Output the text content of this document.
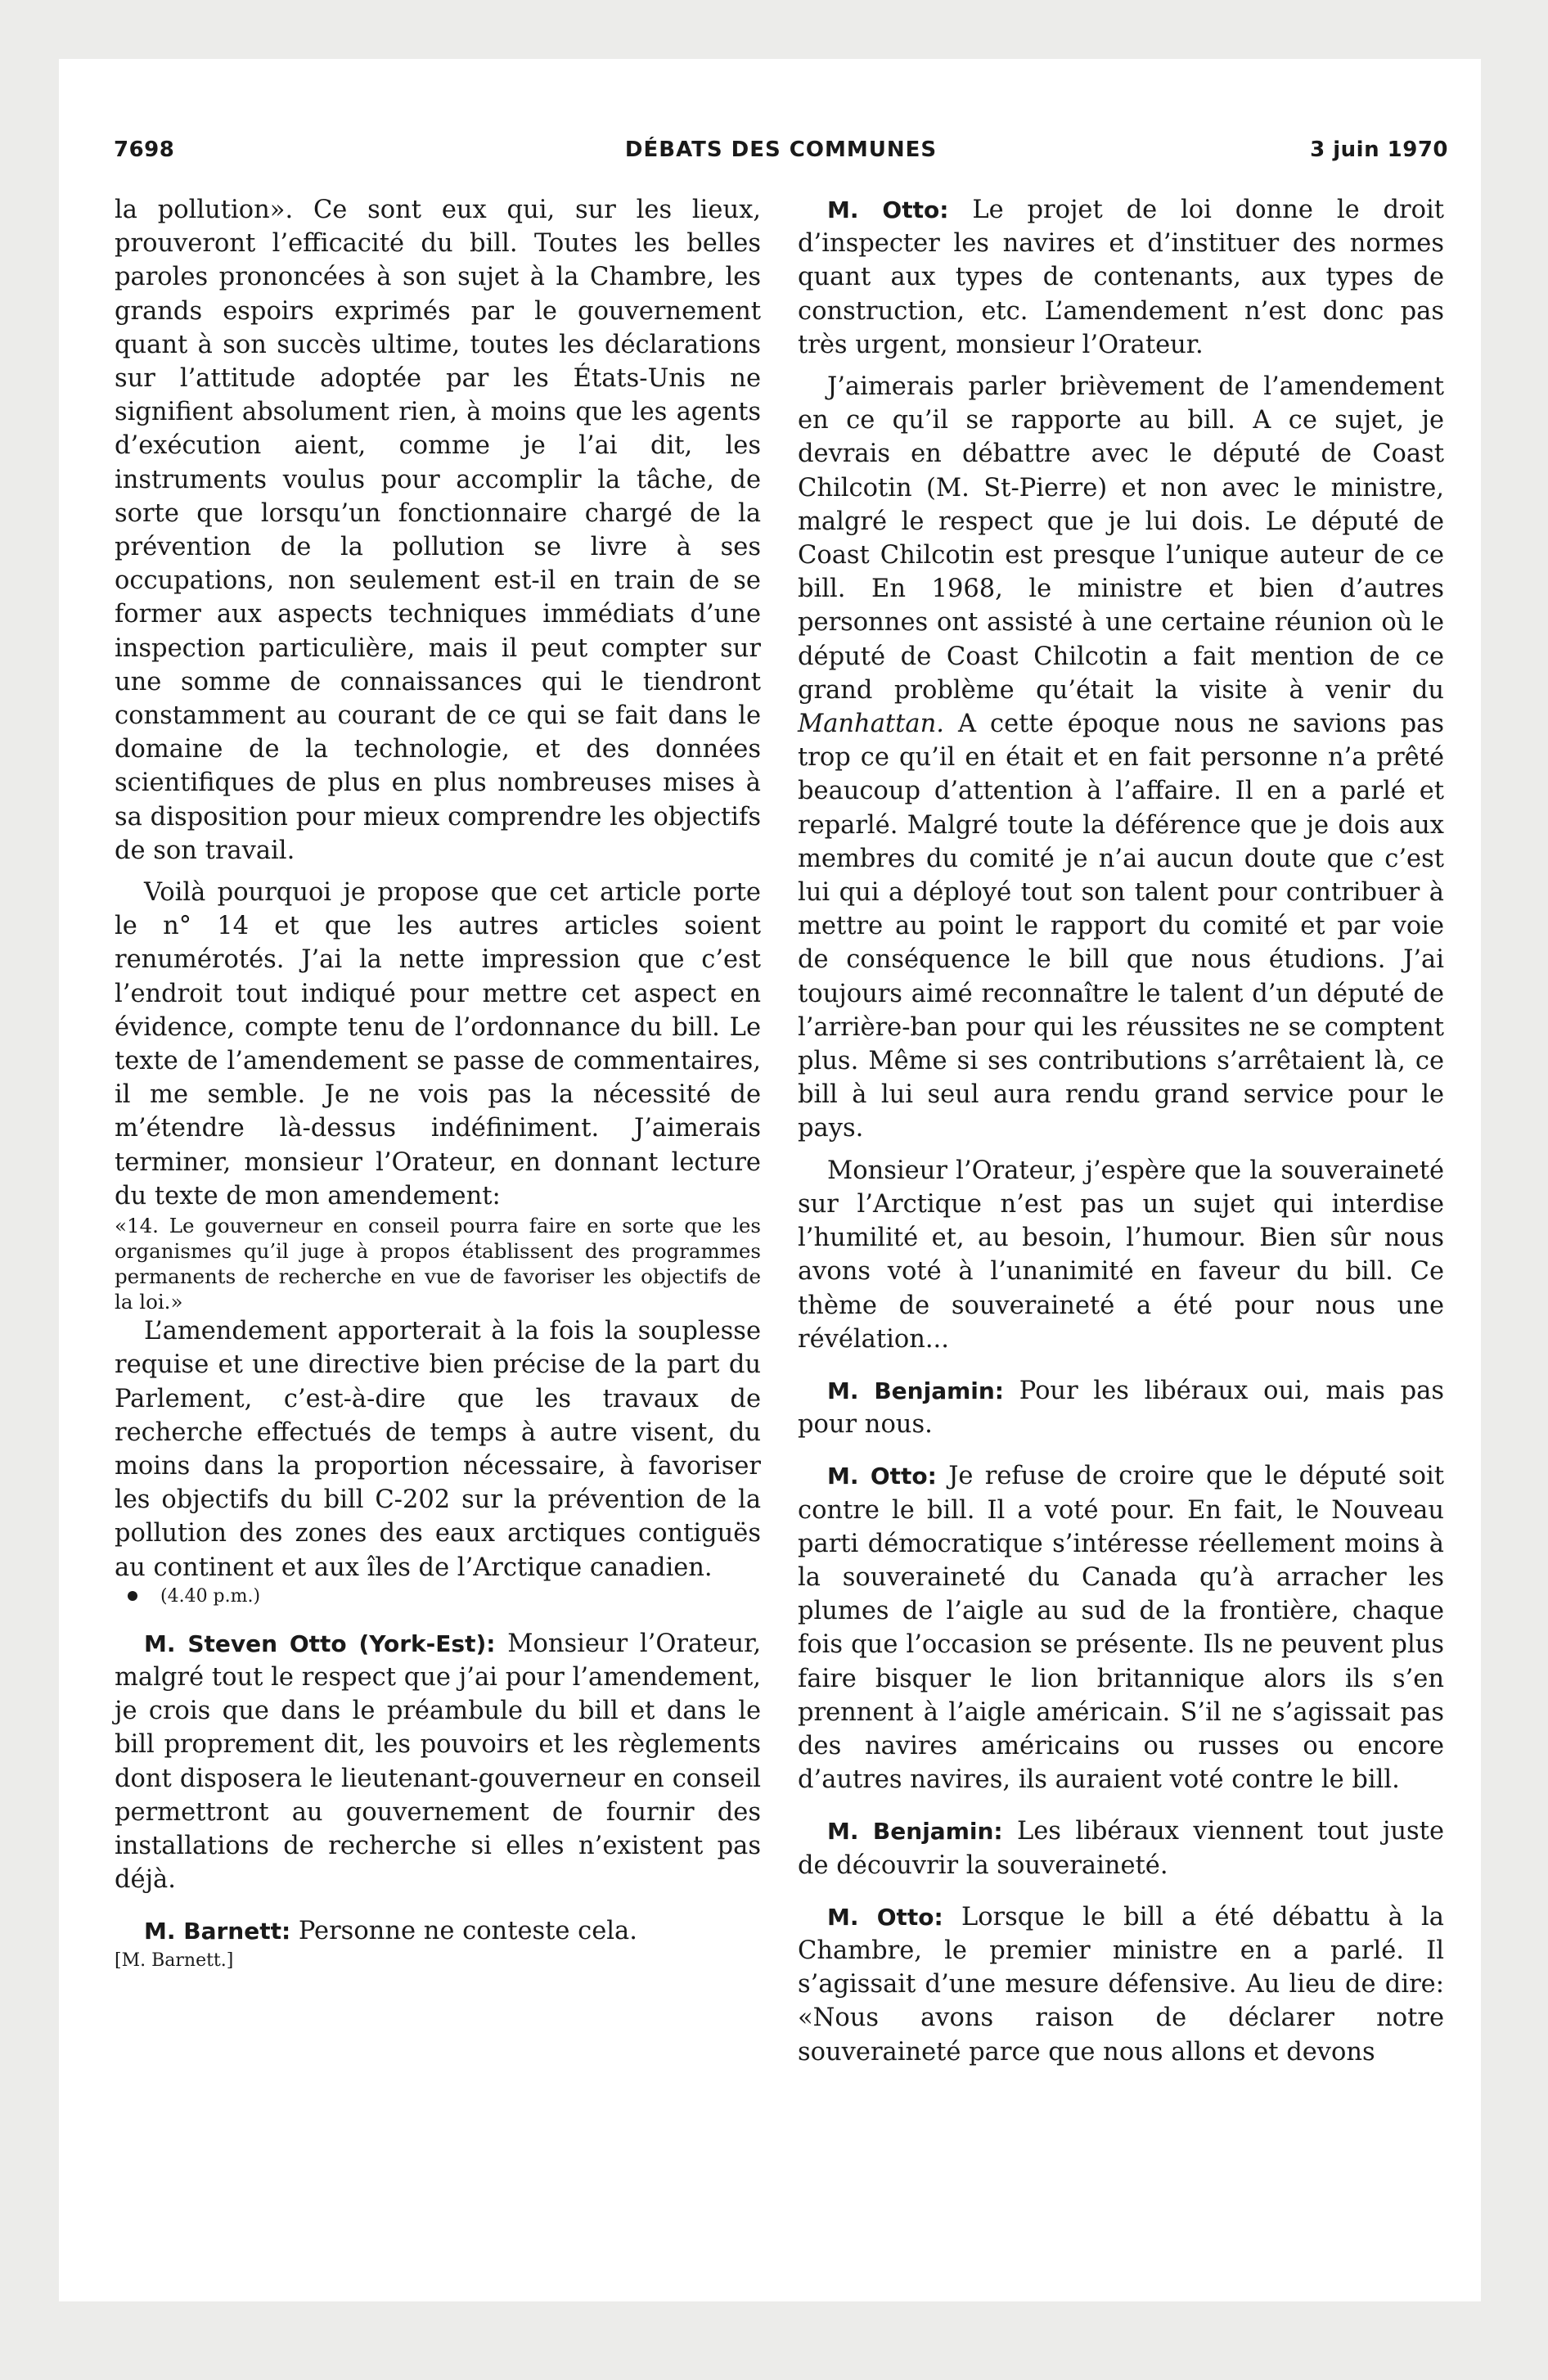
7698	DÉBATS DES COMMUNES	3 juin 1970

la pollution». Ce sont eux qui, sur les lieux, prouveront l’efficacité du bill. Toutes les belles paroles prononcées à son sujet à la Chambre, les grands espoirs exprimés par le gouvernement quant à son succès ultime, toutes les déclarations sur l’attitude adoptée par les États-Unis ne signifient absolument rien, à moins que les agents d’exécution aient, comme je l’ai dit, les instruments voulus pour accomplir la tâche, de sorte que lorsqu’un fonctionnaire chargé de la prévention de la pollution se livre à ses occupations, non seulement est-il en train de se former aux aspects techniques immédiats d’une inspection particulière, mais il peut compter sur une somme de connaissances qui le tiendront constamment au courant de ce qui se fait dans le domaine de la technologie, et des données scientifiques de plus en plus nombreuses mises à sa disposition pour mieux comprendre les objectifs de son travail.

Voilà pourquoi je propose que cet article porte le n° 14 et que les autres articles soient renumérotés. J’ai la nette impression que c’est l’endroit tout indiqué pour mettre cet aspect en évidence, compte tenu de l’ordonnance du bill. Le texte de l’amendement se passe de commentaires, il me semble. Je ne vois pas la nécessité de m’étendre là-dessus indéfiniment. J’aimerais terminer, monsieur l’Orateur, en donnant lecture du texte de mon amendement:

«14. Le gouverneur en conseil pourra faire en sorte que les organismes qu’il juge à propos établissent des programmes permanents de recherche en vue de favoriser les objectifs de la loi.»

L’amendement apporterait à la fois la souplesse requise et une directive bien précise de la part du Parlement, c’est-à-dire que les travaux de recherche effectués de temps à autre visent, du moins dans la proportion nécessaire, à favoriser les objectifs du bill C-202 sur la prévention de la pollution des zones des eaux arctiques contiguës au continent et aux îles de l’Arctique canadien.

(4.40 p.m.)

M. Steven Otto (York-Est): Monsieur l’Orateur, malgré tout le respect que j’ai pour l’amendement, je crois que dans le préambule du bill et dans le bill proprement dit, les pouvoirs et les règlements dont disposera le lieutenant-gouverneur en conseil permettront au gouvernement de fournir des installations de recherche si elles n’existent pas déjà.

M. Barnett: Personne ne conteste cela.

[M. Barnett.]

M. Otto: Le projet de loi donne le droit d’inspecter les navires et d’instituer des normes quant aux types de contenants, aux types de construction, etc. L’amendement n’est donc pas très urgent, monsieur l’Orateur.

J’aimerais parler brièvement de l’amendement en ce qu’il se rapporte au bill. A ce sujet, je devrais en débattre avec le député de Coast Chilcotin (M. St-Pierre) et non avec le ministre, malgré le respect que je lui dois. Le député de Coast Chilcotin est presque l’unique auteur de ce bill. En 1968, le ministre et bien d’autres personnes ont assisté à une certaine réunion où le député de Coast Chilcotin a fait mention de ce grand problème qu’était la visite à venir du Manhattan. A cette époque nous ne savions pas trop ce qu’il en était et en fait personne n’a prêté beaucoup d’attention à l’affaire. Il en a parlé et reparlé. Malgré toute la déférence que je dois aux membres du comité je n’ai aucun doute que c’est lui qui a déployé tout son talent pour contribuer à mettre au point le rapport du comité et par voie de conséquence le bill que nous étudions. J’ai toujours aimé reconnaître le talent d’un député de l’arrière-ban pour qui les réussites ne se comptent plus. Même si ses contributions s’arrêtaient là, ce bill à lui seul aura rendu grand service pour le pays.

Monsieur l’Orateur, j’espère que la souveraineté sur l’Arctique n’est pas un sujet qui interdise l’humilité et, au besoin, l’humour. Bien sûr nous avons voté à l’unanimité en faveur du bill. Ce thème de souveraineté a été pour nous une révélation...

M. Benjamin: Pour les libéraux oui, mais pas pour nous.

M. Otto: Je refuse de croire que le député soit contre le bill. Il a voté pour. En fait, le Nouveau parti démocratique s’intéresse réellement moins à la souveraineté du Canada qu’à arracher les plumes de l’aigle au sud de la frontière, chaque fois que l’occasion se présente. Ils ne peuvent plus faire bisquer le lion britannique alors ils s’en prennent à l’aigle américain. S’il ne s’agissait pas des navires américains ou russes ou encore d’autres navires, ils auraient voté contre le bill.

M. Benjamin: Les libéraux viennent tout juste de découvrir la souveraineté.

M. Otto: Lorsque le bill a été débattu à la Chambre, le premier ministre en a parlé. Il s’agissait d’une mesure défensive. Au lieu de dire: «Nous avons raison de déclarer notre souveraineté parce que nous allons et devons
